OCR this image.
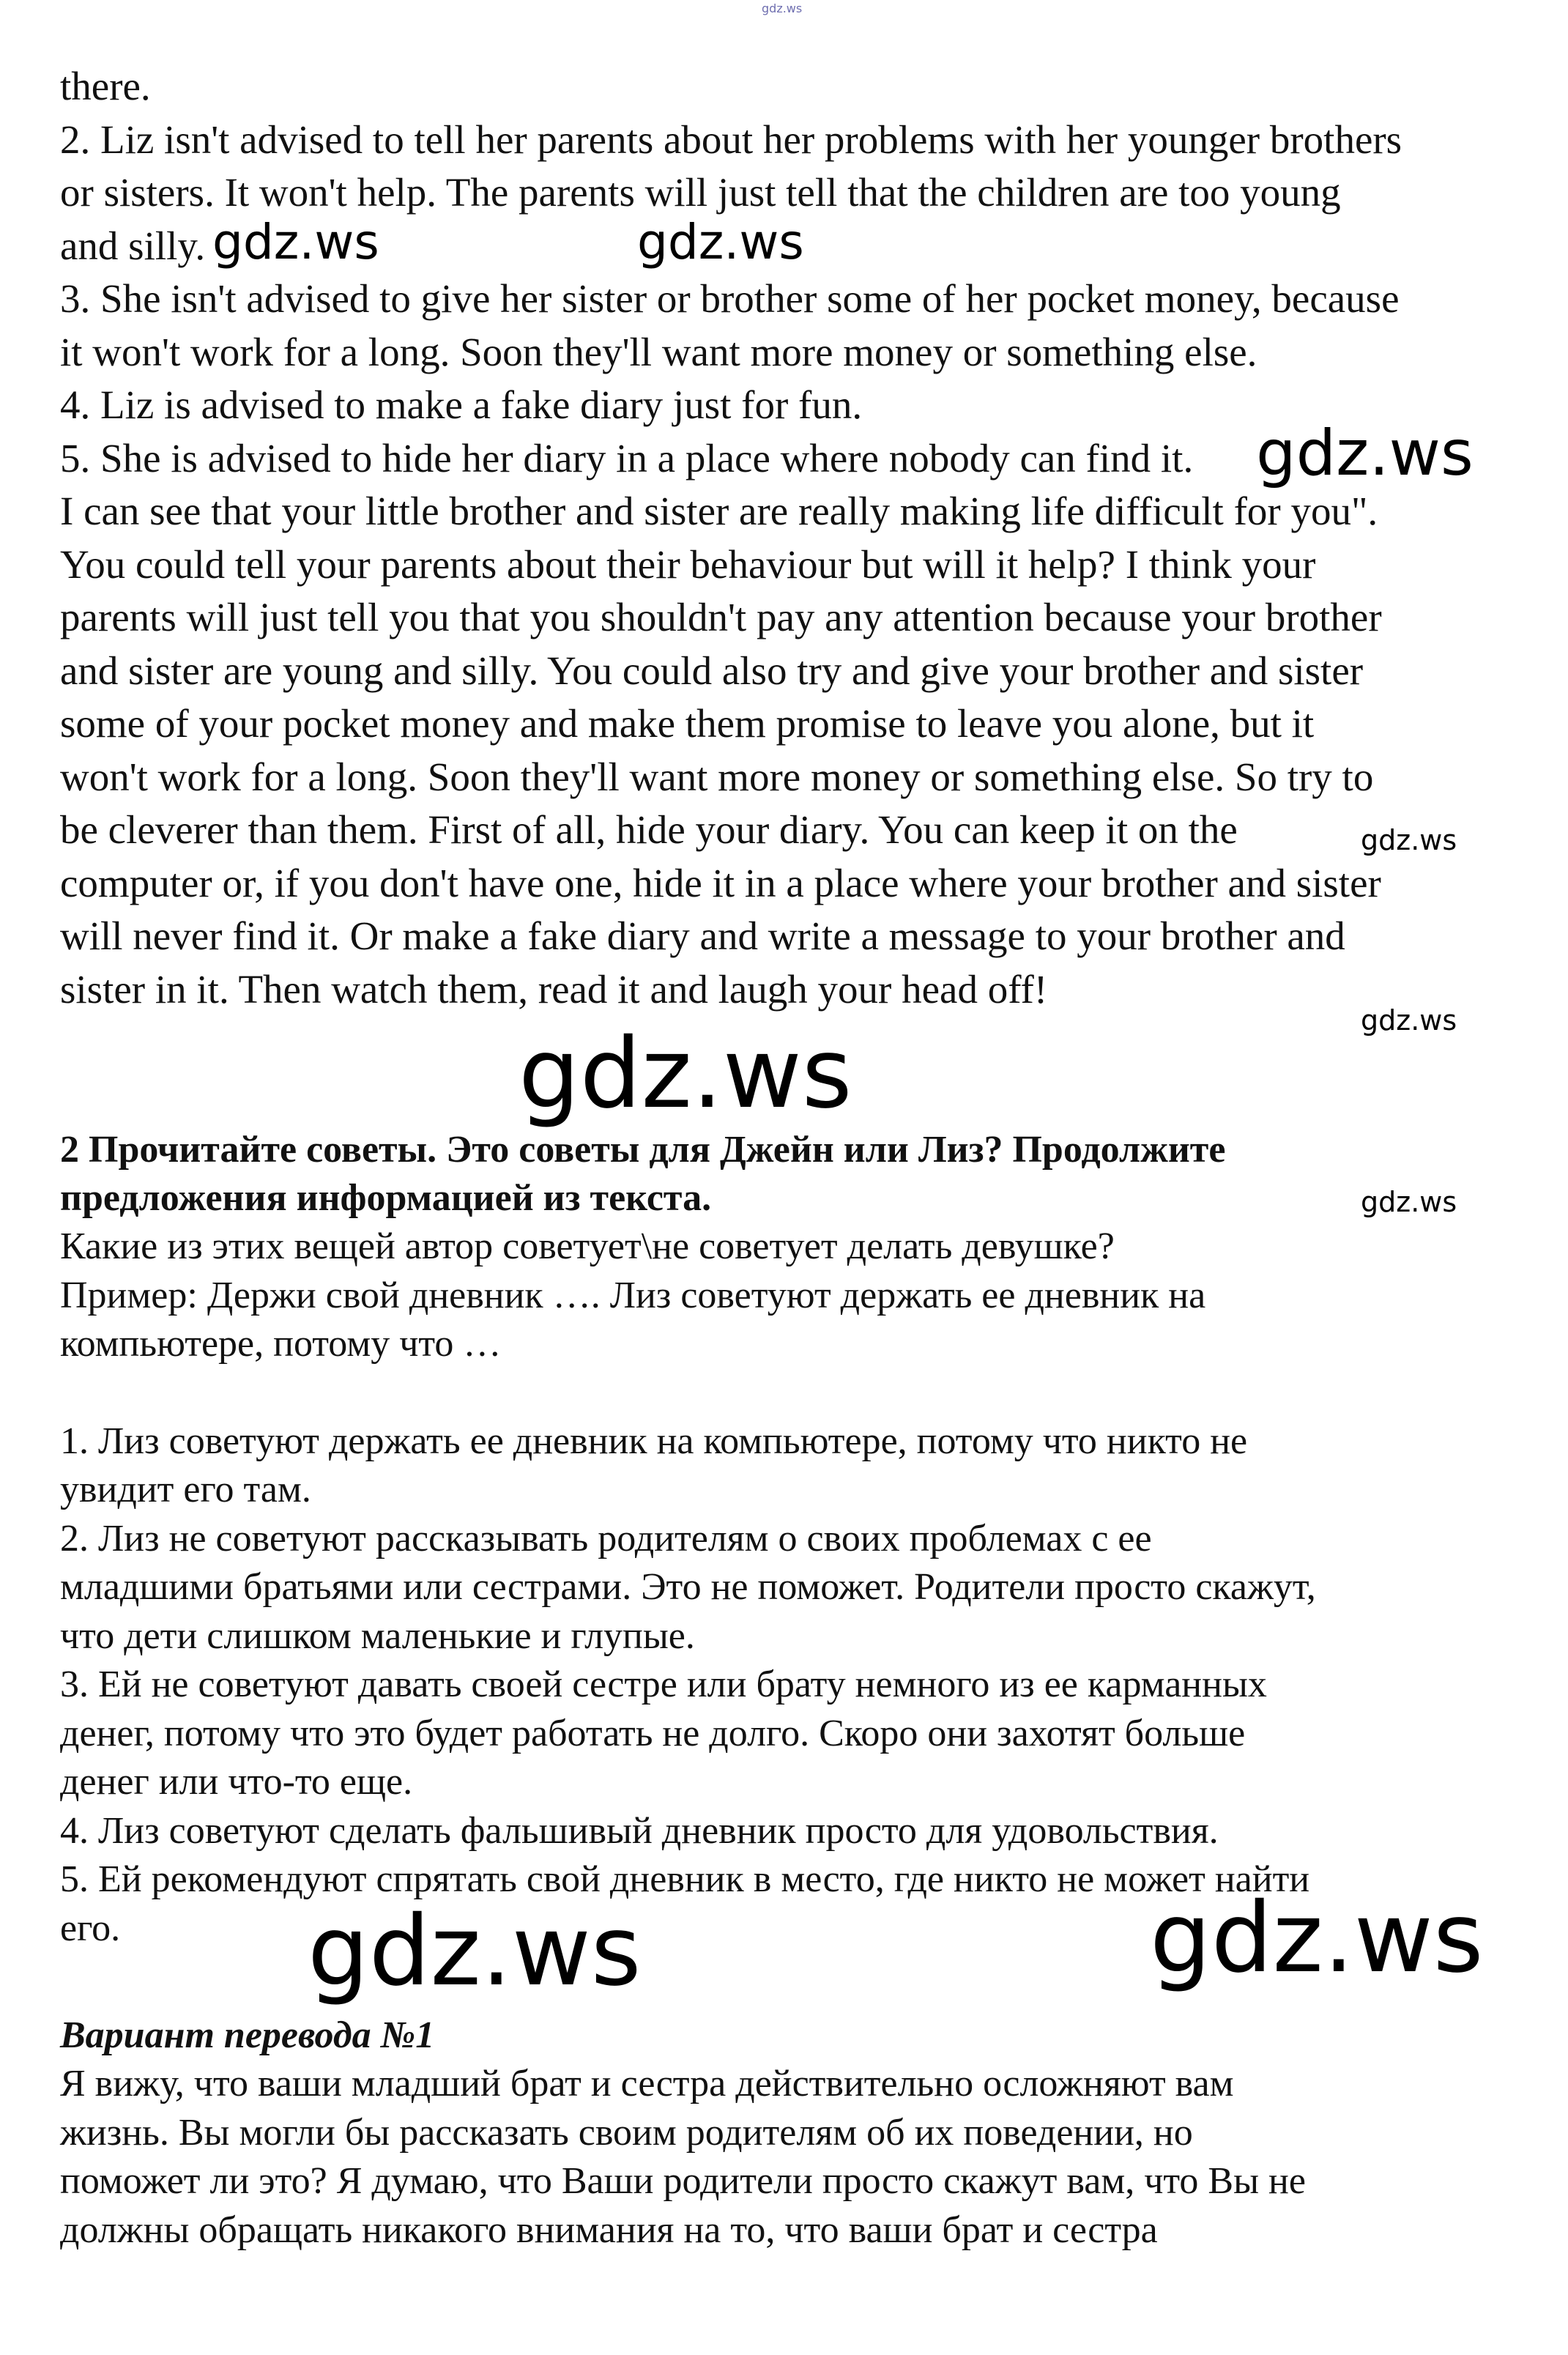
gdz.ws
there.
2. Liz isn't advised to tell her parents about her problems with her younger brothers
or sisters. It won't help. The parents will just tell that the children are too young
and silly.
3. She isn't advised to give her sister or brother some of her pocket money, because
it won't work for a long. Soon they'll want more money or something else.
4. Liz is advised to make a fake diary just for fun.
5. She is advised to hide her diary in a place where nobody can find it.
I can see that your little brother and sister are really making life difficult for you".
You could tell your parents about their behaviour but will it help? I think your
parents will just tell you that you shouldn't pay any attention because your brother
and sister are young and silly. You could also try and give your brother and sister
some of your pocket money and make them promise to leave you alone, but it
won't work for a long. Soon they'll want more money or something else. So try to
be cleverer than them. First of all, hide your diary. You can keep it on the
computer or, if you don't have one, hide it in a place where your brother and sister
will never find it. Or make a fake diary and write a message to your brother and
sister in it. Then watch them, read it and laugh your head off!
2 Прочитайте советы. Это советы для Джейн или Лиз? Продолжите
предложения информацией из текста.
Какие из этих вещей автор советует\не советует делать девушке?
Пример: Держи свой дневник …. Лиз советуют держать ее дневник на
компьютере, потому что …
1. Лиз советуют держать ее дневник на компьютере, потому что никто не
увидит его там.
2. Лиз не советуют рассказывать родителям о своих проблемах с ее
младшими братьями или сестрами. Это не поможет. Родители просто скажут,
что дети слишком маленькие и глупые.
3. Ей не советуют давать своей сестре или брату немного из ее карманных
денег, потому что это будет работать не долго. Скоро они захотят больше
денег или что-то еще.
4. Лиз советуют сделать фальшивый дневник просто для удовольствия.
5. Ей рекомендуют спрятать свой дневник в место, где никто не может найти
его.
Вариант перевода №1
Я вижу, что ваши младший брат и сестра действительно осложняют вам
жизнь. Вы могли бы рассказать своим родителям об их поведении, но
поможет ли это? Я думаю, что Ваши родители просто скажут вам, что Вы не
должны обращать никакого внимания на то, что ваши брат и сестра
gdz.ws	gdz.ws
gdz.ws
gdz.ws
gdz.ws
gdz.ws
gdz.ws
gdz.ws	gdz.ws
